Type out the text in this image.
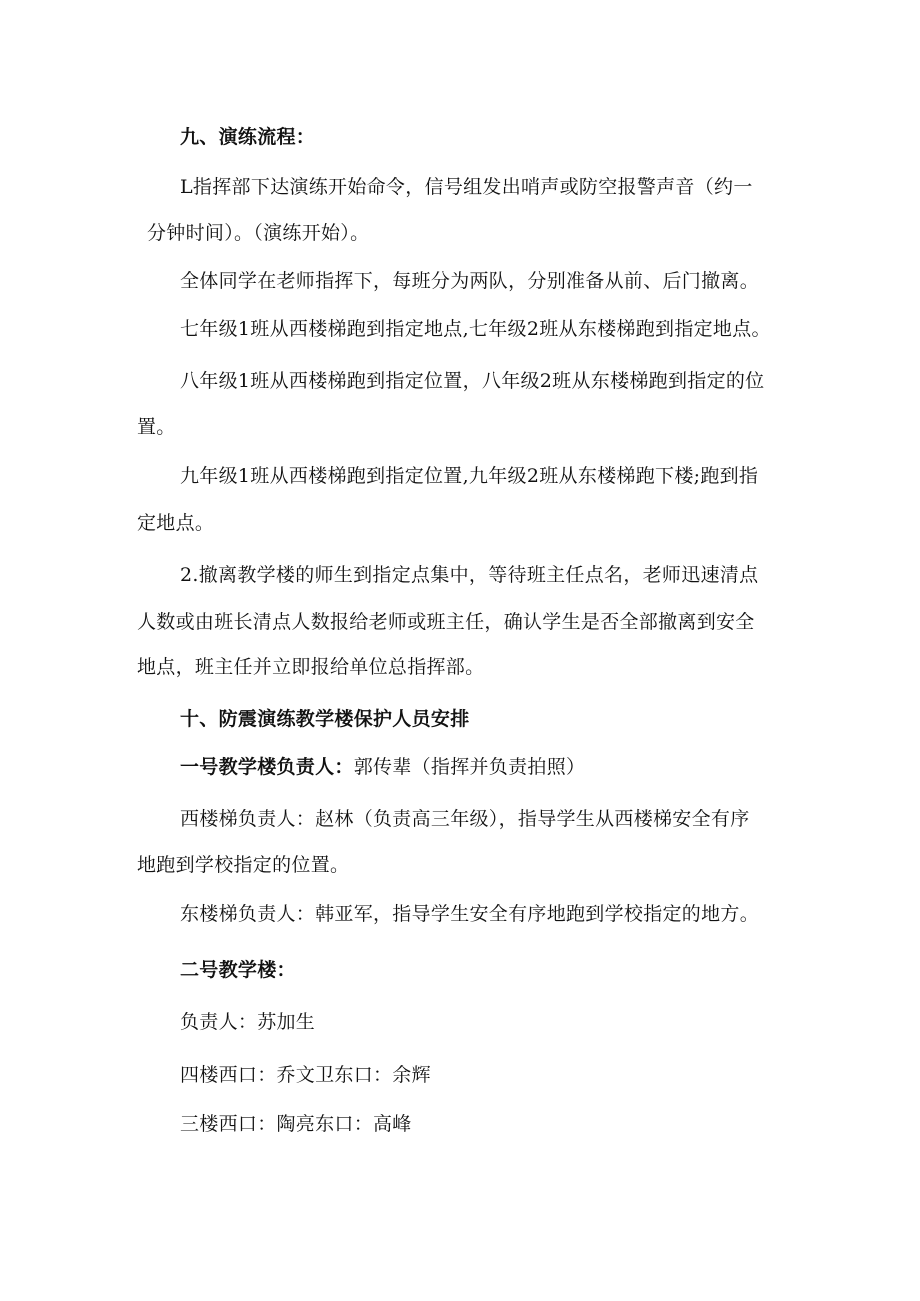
九、演练流程：
L指挥部下达演练开始命令，信号组发出哨声或防空报警声音（约一
分钟时间）。（演练开始）。
全体同学在老师指挥下，每班分为两队，分别准备从前、后门撤离。
七年级1班从西楼梯跑到指定地点,七年级2班从东楼梯跑到指定地点。
八年级1班从西楼梯跑到指定位置，八年级2班从东楼梯跑到指定的位
置。
九年级1班从西楼梯跑到指定位置,九年级2班从东楼梯跑下楼;跑到指
定地点。
2.撤离教学楼的师生到指定点集中，等待班主任点名，老师迅速清点
人数或由班长清点人数报给老师或班主任，确认学生是否全部撤离到安全
地点，班主任并立即报给单位总指挥部。
十、防震演练教学楼保护人员安排
一号教学楼负责人：郭传辈（指挥并负责拍照）
西楼梯负责人：赵林（负责高三年级），指导学生从西楼梯安全有序
地跑到学校指定的位置。
东楼梯负责人：韩亚军，指导学生安全有序地跑到学校指定的地方。
二号教学楼：
负责人：苏加生
四楼西口：乔文卫东口：余辉
三楼西口：陶亮东口：高峰
